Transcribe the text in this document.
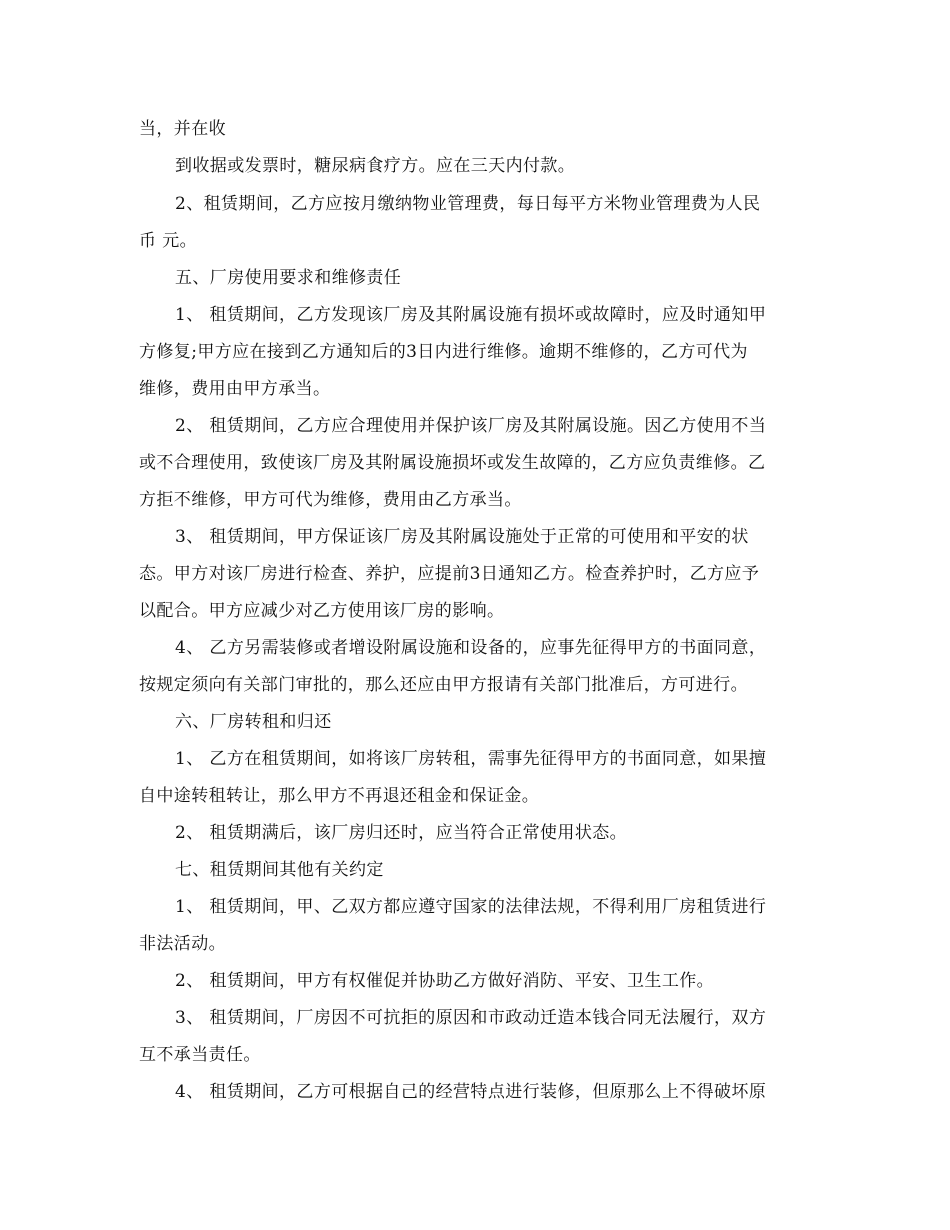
当，并在收

到收据或发票时，糖尿病食疗方。应在三天内付款。

2、租赁期间，乙方应按月缴纳物业管理费，每日每平方米物业管理费为人民

币 元。

五、厂房使用要求和维修责任

1、 租赁期间，乙方发现该厂房及其附属设施有损坏或故障时，应及时通知甲

方修复;甲方应在接到乙方通知后的3日内进行维修。逾期不维修的，乙方可代为

维修，费用由甲方承当。

2、 租赁期间，乙方应合理使用并保护该厂房及其附属设施。因乙方使用不当

或不合理使用，致使该厂房及其附属设施损坏或发生故障的，乙方应负责维修。乙

方拒不维修，甲方可代为维修，费用由乙方承当。

3、 租赁期间，甲方保证该厂房及其附属设施处于正常的可使用和平安的状

态。甲方对该厂房进行检查、养护，应提前3日通知乙方。检查养护时，乙方应予

以配合。甲方应减少对乙方使用该厂房的影响。

4、 乙方另需装修或者增设附属设施和设备的，应事先征得甲方的书面同意，

按规定须向有关部门审批的，那么还应由甲方报请有关部门批准后，方可进行。

六、厂房转租和归还

1、 乙方在租赁期间，如将该厂房转租，需事先征得甲方的书面同意，如果擅

自中途转租转让，那么甲方不再退还租金和保证金。

2、 租赁期满后，该厂房归还时，应当符合正常使用状态。

七、租赁期间其他有关约定

1、 租赁期间，甲、乙双方都应遵守国家的法律法规，不得利用厂房租赁进行

非法活动。

2、 租赁期间，甲方有权催促并协助乙方做好消防、平安、卫生工作。

3、 租赁期间，厂房因不可抗拒的原因和市政动迁造本钱合同无法履行，双方

互不承当责任。

4、 租赁期间，乙方可根据自己的经营特点进行装修，但原那么上不得破坏原
